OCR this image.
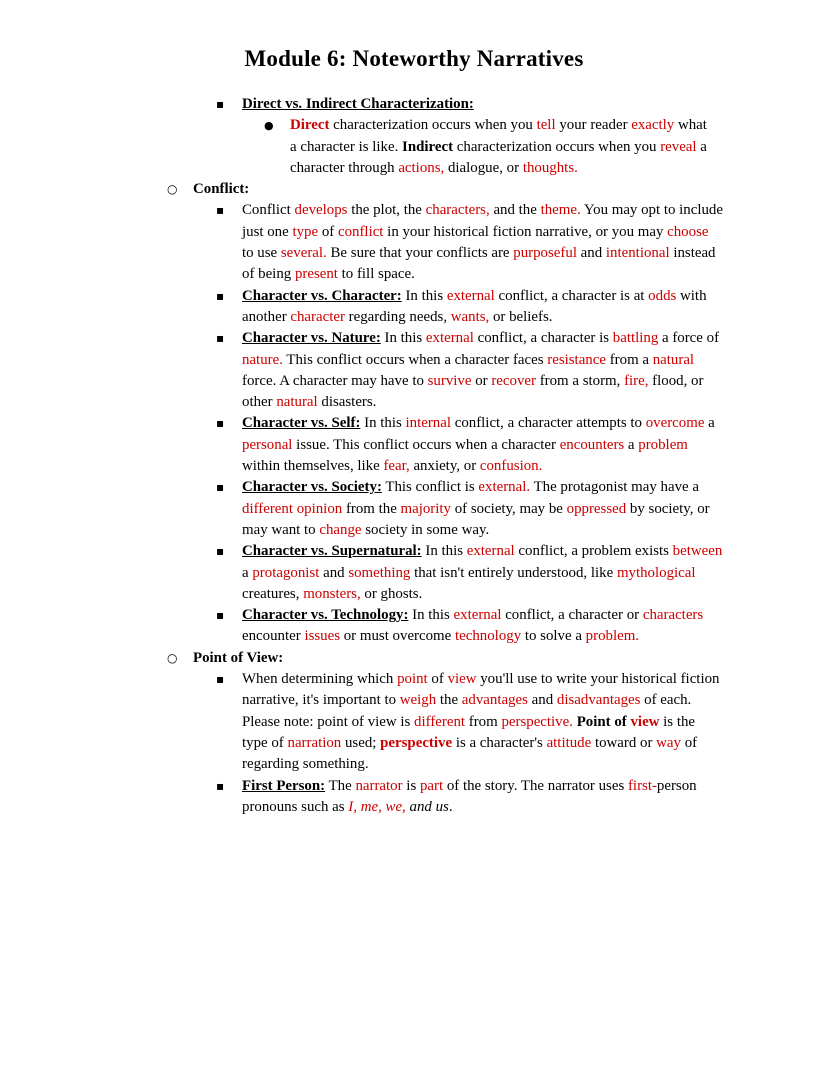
Module 6: Noteworthy Narratives
▪ Direct vs. Indirect Characterization:
● Direct characterization occurs when you tell your reader exactly what a character is like. Indirect characterization occurs when you reveal a character through actions, dialogue, or thoughts.
○ Conflict:
▪ Conflict develops the plot, the characters, and the theme. You may opt to include just one type of conflict in your historical fiction narrative, or you may choose to use several. Be sure that your conflicts are purposeful and intentional instead of being present to fill space.
▪ Character vs. Character: In this external conflict, a character is at odds with another character regarding needs, wants, or beliefs.
▪ Character vs. Nature: In this external conflict, a character is battling a force of nature. This conflict occurs when a character faces resistance from a natural force. A character may have to survive or recover from a storm, fire, flood, or other natural disasters.
▪ Character vs. Self: In this internal conflict, a character attempts to overcome a personal issue. This conflict occurs when a character encounters a problem within themselves, like fear, anxiety, or confusion.
▪ Character vs. Society: This conflict is external. The protagonist may have a different opinion from the majority of society, may be oppressed by society, or may want to change society in some way.
▪ Character vs. Supernatural: In this external conflict, a problem exists between a protagonist and something that isn't entirely understood, like mythological creatures, monsters, or ghosts.
▪ Character vs. Technology: In this external conflict, a character or characters encounter issues or must overcome technology to solve a problem.
○ Point of View:
▪ When determining which point of view you'll use to write your historical fiction narrative, it's important to weigh the advantages and disadvantages of each. Please note: point of view is different from perspective. Point of view is the type of narration used; perspective is a character's attitude toward or way of regarding something.
▪ First Person: The narrator is part of the story. The narrator uses first-person pronouns such as I, me, we, and us.
